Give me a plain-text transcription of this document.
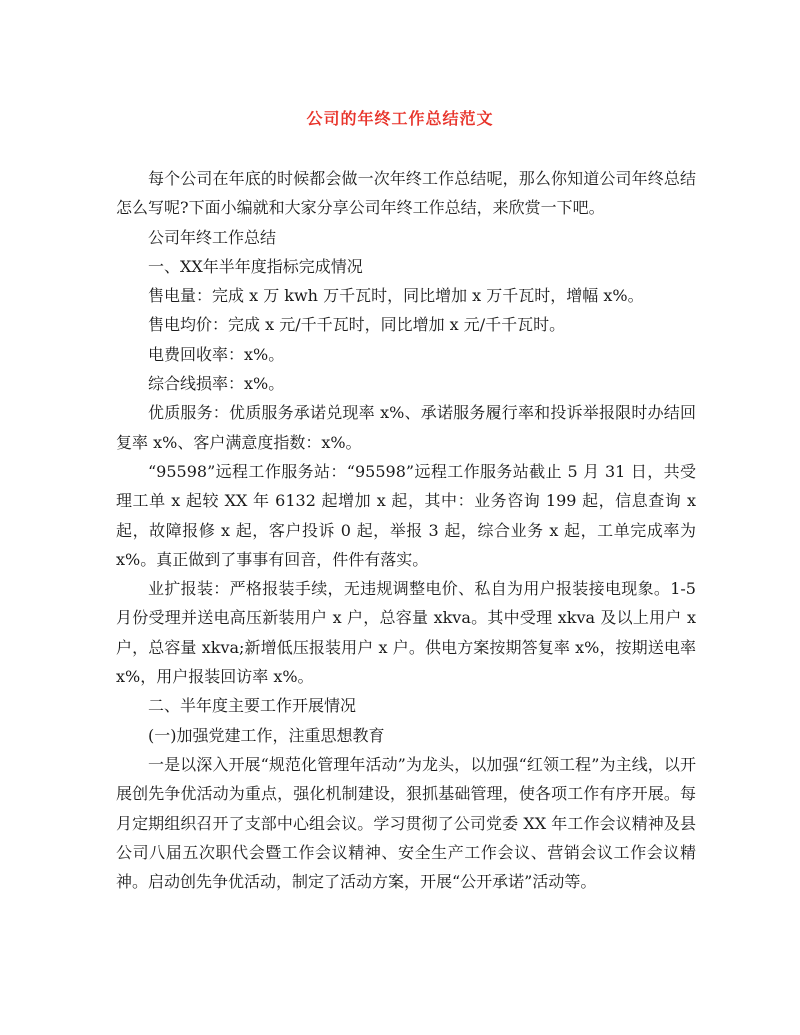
公司的年终工作总结范文

每个公司在年底的时候都会做一次年终工作总结呢，那么你知道公司年终总结怎么写呢?下面小编就和大家分享公司年终工作总结，来欣赏一下吧。

公司年终工作总结

一、XX年半年度指标完成情况

售电量：完成 x 万 kwh 万千瓦时，同比增加 x 万千瓦时，增幅 x%。

售电均价：完成 x 元/千千瓦时，同比增加 x 元/千千瓦时。

电费回收率：x%。

综合线损率：x%。

优质服务：优质服务承诺兑现率 x%、承诺服务履行率和投诉举报限时办结回复率 x%、客户满意度指数：x%。

“95598”远程工作服务站：“95598”远程工作服务站截止 5 月 31 日，共受理工单 x 起较 XX 年 6132 起增加 x 起，其中：业务咨询 199 起，信息查询 x 起，故障报修 x 起，客户投诉 0 起，举报 3 起，综合业务 x 起，工单完成率为 x%。真正做到了事事有回音，件件有落实。

业扩报装：严格报装手续，无违规调整电价、私自为用户报装接电现象。1-5 月份受理并送电高压新装用户 x 户，总容量 xkva。其中受理 xkva 及以上用户 x 户，总容量 xkva;新增低压报装用户 x 户。供电方案按期答复率 x%，按期送电率 x%，用户报装回访率 x%。

二、半年度主要工作开展情况

(一)加强党建工作，注重思想教育

一是以深入开展“规范化管理年活动”为龙头，以加强“红领工程”为主线，以开展创先争优活动为重点，强化机制建设，狠抓基础管理，使各项工作有序开展。每月定期组织召开了支部中心组会议。学习贯彻了公司党委 XX 年工作会议精神及县公司八届五次职代会暨工作会议精神、安全生产工作会议、营销会议工作会议精神。启动创先争优活动，制定了活动方案，开展“公开承诺”活动等。
